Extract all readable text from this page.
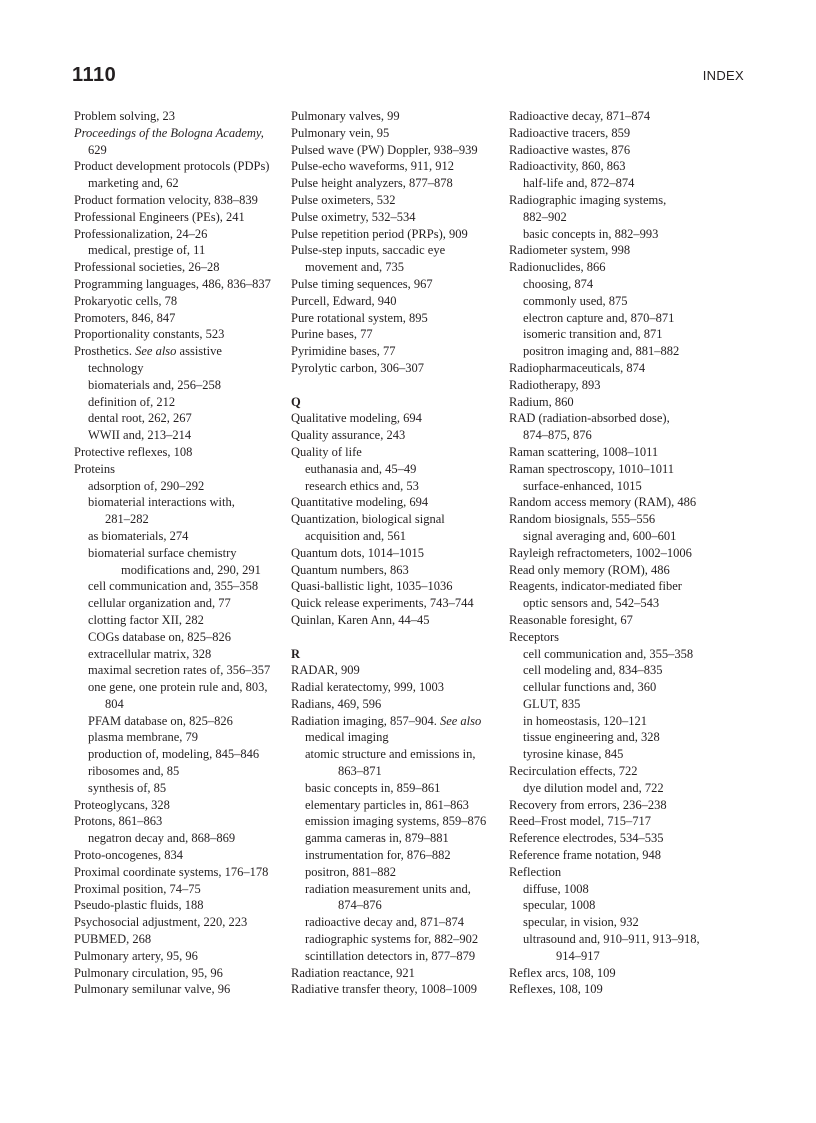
1110	INDEX
Problem solving, 23
Proceedings of the Bologna Academy,
629
Product development protocols (PDPs)
marketing and, 62
Product formation velocity, 838–839
Professional Engineers (PEs), 241
Professionalization, 24–26
medical, prestige of, 11
Professional societies, 26–28
Programming languages, 486, 836–837
Prokaryotic cells, 78
Promoters, 846, 847
Proportionality constants, 523
Prosthetics. See also assistive
technology
biomaterials and, 256–258
definition of, 212
dental root, 262, 267
WWII and, 213–214
Protective reflexes, 108
Proteins
adsorption of, 290–292
biomaterial interactions with,
281–282
as biomaterials, 274
biomaterial surface chemistry
modifications and, 290, 291
cell communication and, 355–358
cellular organization and, 77
clotting factor XII, 282
COGs database on, 825–826
extracellular matrix, 328
maximal secretion rates of, 356–357
one gene, one protein rule and, 803,
804
PFAM database on, 825–826
plasma membrane, 79
production of, modeling, 845–846
ribosomes and, 85
synthesis of, 85
Proteoglycans, 328
Protons, 861–863
negatron decay and, 868–869
Proto-oncogenes, 834
Proximal coordinate systems, 176–178
Proximal position, 74–75
Pseudo-plastic fluids, 188
Psychosocial adjustment, 220, 223
PUBMED, 268
Pulmonary artery, 95, 96
Pulmonary circulation, 95, 96
Pulmonary semilunar valve, 96
Pulmonary valves, 99
Pulmonary vein, 95
Pulsed wave (PW) Doppler, 938–939
Pulse-echo waveforms, 911, 912
Pulse height analyzers, 877–878
Pulse oximeters, 532
Pulse oximetry, 532–534
Pulse repetition period (PRPs), 909
Pulse-step inputs, saccadic eye
movement and, 735
Pulse timing sequences, 967
Purcell, Edward, 940
Pure rotational system, 895
Purine bases, 77
Pyrimidine bases, 77
Pyrolytic carbon, 306–307
Q
Qualitative modeling, 694
Quality assurance, 243
Quality of life
euthanasia and, 45–49
research ethics and, 53
Quantitative modeling, 694
Quantization, biological signal
acquisition and, 561
Quantum dots, 1014–1015
Quantum numbers, 863
Quasi-ballistic light, 1035–1036
Quick release experiments, 743–744
Quinlan, Karen Ann, 44–45
R
RADAR, 909
Radial keratectomy, 999, 1003
Radians, 469, 596
Radiation imaging, 857–904. See also
medical imaging
atomic structure and emissions in,
863–871
basic concepts in, 859–861
elementary particles in, 861–863
emission imaging systems, 859–876
gamma cameras in, 879–881
instrumentation for, 876–882
positron, 881–882
radiation measurement units and,
874–876
radioactive decay and, 871–874
radiographic systems for, 882–902
scintillation detectors in, 877–879
Radiation reactance, 921
Radiative transfer theory, 1008–1009
Radioactive decay, 871–874
Radioactive tracers, 859
Radioactive wastes, 876
Radioactivity, 860, 863
half-life and, 872–874
Radiographic imaging systems,
882–902
basic concepts in, 882–993
Radiometer system, 998
Radionuclides, 866
choosing, 874
commonly used, 875
electron capture and, 870–871
isomeric transition and, 871
positron imaging and, 881–882
Radiopharmaceuticals, 874
Radiotherapy, 893
Radium, 860
RAD (radiation-absorbed dose),
874–875, 876
Raman scattering, 1008–1011
Raman spectroscopy, 1010–1011
surface-enhanced, 1015
Random access memory (RAM), 486
Random biosignals, 555–556
signal averaging and, 600–601
Rayleigh refractometers, 1002–1006
Read only memory (ROM), 486
Reagents, indicator-mediated fiber
optic sensors and, 542–543
Reasonable foresight, 67
Receptors
cell communication and, 355–358
cell modeling and, 834–835
cellular functions and, 360
GLUT, 835
in homeostasis, 120–121
tissue engineering and, 328
tyrosine kinase, 845
Recirculation effects, 722
dye dilution model and, 722
Recovery from errors, 236–238
Reed–Frost model, 715–717
Reference electrodes, 534–535
Reference frame notation, 948
Reflection
diffuse, 1008
specular, 1008
specular, in vision, 932
ultrasound and, 910–911, 913–918,
914–917
Reflex arcs, 108, 109
Reflexes, 108, 109
